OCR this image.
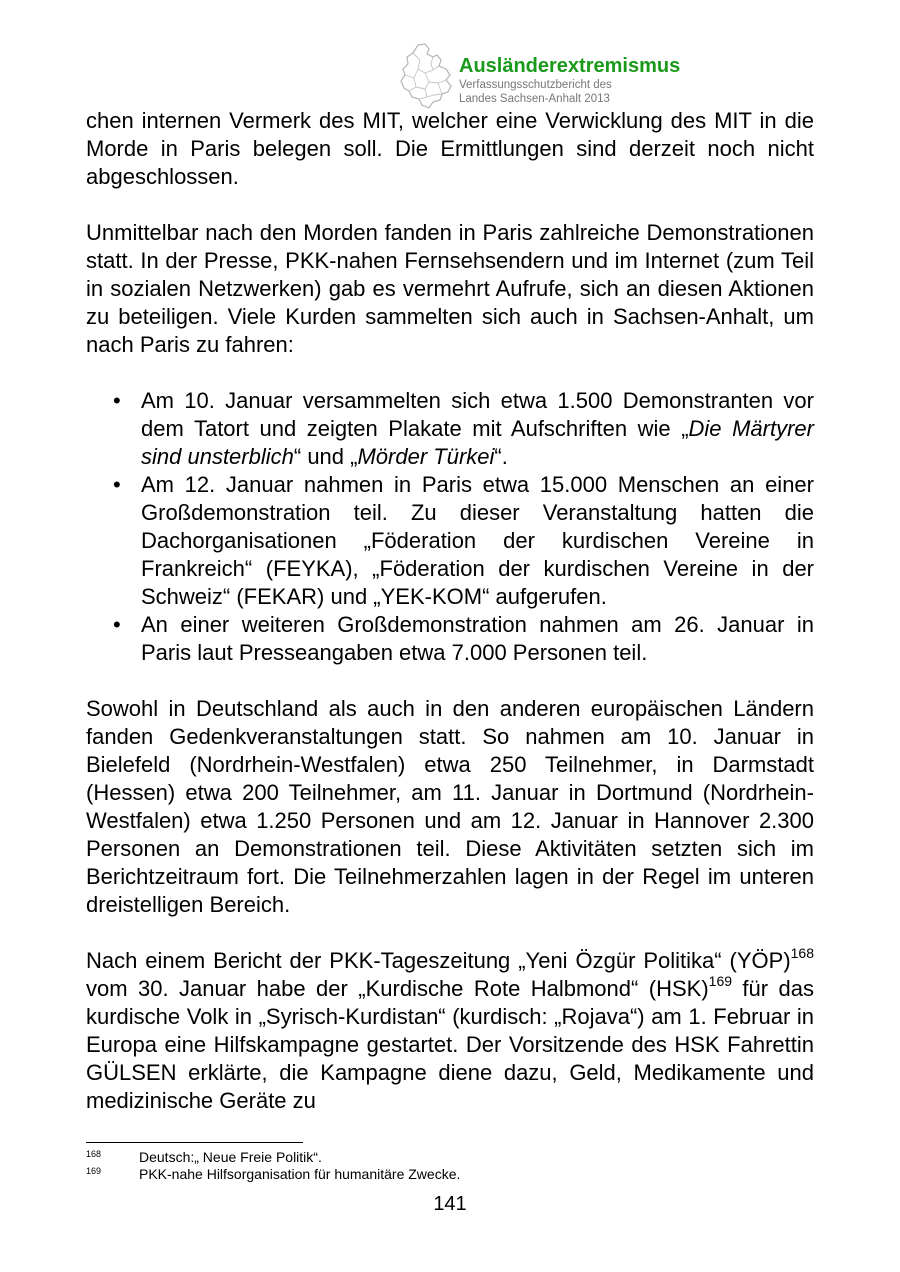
Ausländerextremismus
Verfassungsschutzbericht des
Landes Sachsen-Anhalt 2013

chen internen Vermerk des MIT, welcher eine Verwicklung des MIT in die Morde in Paris belegen soll. Die Ermittlungen sind derzeit noch nicht abgeschlossen.

Unmittelbar nach den Morden fanden in Paris zahlreiche Demonstrationen statt. In der Presse, PKK-nahen Fernsehsendern und im Internet (zum Teil in sozialen Netzwerken) gab es vermehrt Aufrufe, sich an diesen Aktionen zu beteiligen. Viele Kurden sammelten sich auch in Sachsen-Anhalt, um nach Paris zu fahren:

• Am 10. Januar versammelten sich etwa 1.500 Demonstranten vor dem Tatort und zeigten Plakate mit Aufschriften wie „Die Märtyrer sind unsterblich“ und „Mörder Türkei“.
• Am 12. Januar nahmen in Paris etwa 15.000 Menschen an einer Großdemonstration teil. Zu dieser Veranstaltung hatten die Dachorganisationen „Föderation der kurdischen Vereine in Frankreich“ (FEYKA), „Föderation der kurdischen Vereine in der Schweiz“ (FEKAR) und „YEK-KOM“ aufgerufen.
• An einer weiteren Großdemonstration nahmen am 26. Januar in Paris laut Presseangaben etwa 7.000 Personen teil.

Sowohl in Deutschland als auch in den anderen europäischen Ländern fanden Gedenkveranstaltungen statt. So nahmen am 10. Januar in Bielefeld (Nordrhein-Westfalen) etwa 250 Teilnehmer, in Darmstadt (Hessen) etwa 200 Teilnehmer, am 11. Januar in Dortmund (Nordrhein-Westfalen) etwa 1.250 Personen und am 12. Januar in Hannover 2.300 Personen an Demonstrationen teil. Diese Aktivitäten setzten sich im Berichtzeitraum fort. Die Teilnehmerzahlen lagen in der Regel im unteren dreistelligen Bereich.

Nach einem Bericht der PKK-Tageszeitung „Yeni Özgür Politika“ (YÖP)$^{168}$ vom 30. Januar habe der „Kurdische Rote Halbmond“ (HSK)$^{169}$ für das kurdische Volk in „Syrisch-Kurdistan“ (kurdisch: „Rojava“) am 1. Februar in Europa eine Hilfskampagne gestartet. Der Vorsitzende des HSK Fahrettin GÜLSEN erklärte, die Kampagne diene dazu, Geld, Medikamente und medizinische Geräte zu

168	Deutsch:„ Neue Freie Politik“.
169	PKK-nahe Hilfsorganisation für humanitäre Zwecke.
141
